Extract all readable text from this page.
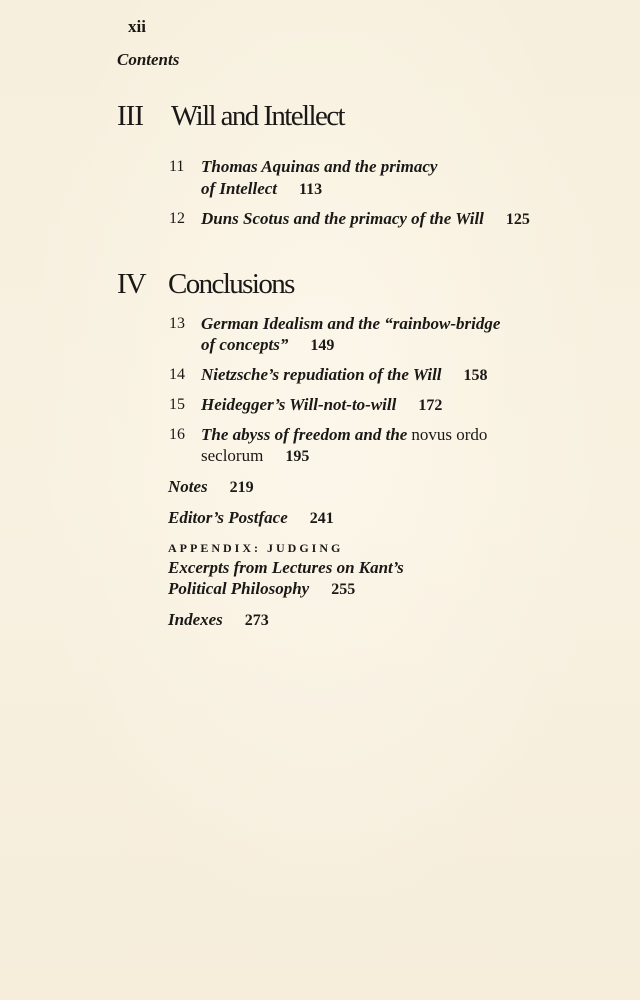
xii
Contents
III Will and Intellect
11 Thomas Aquinas and the primacy
of Intellect 113
12 Duns Scotus and the primacy of the Will 125
IV Conclusions
13 German Idealism and the “rainbow-bridge
of concepts” 149
14 Nietzsche’s repudiation of the Will 158
15 Heidegger’s Will-not-to-will 172
16 The abyss of freedom and the novus ordo
seclorum 195
Notes 219
Editor’s Postface 241
APPENDIX: JUDGING
Excerpts from Lectures on Kant’s
Political Philosophy 255
Indexes 273
